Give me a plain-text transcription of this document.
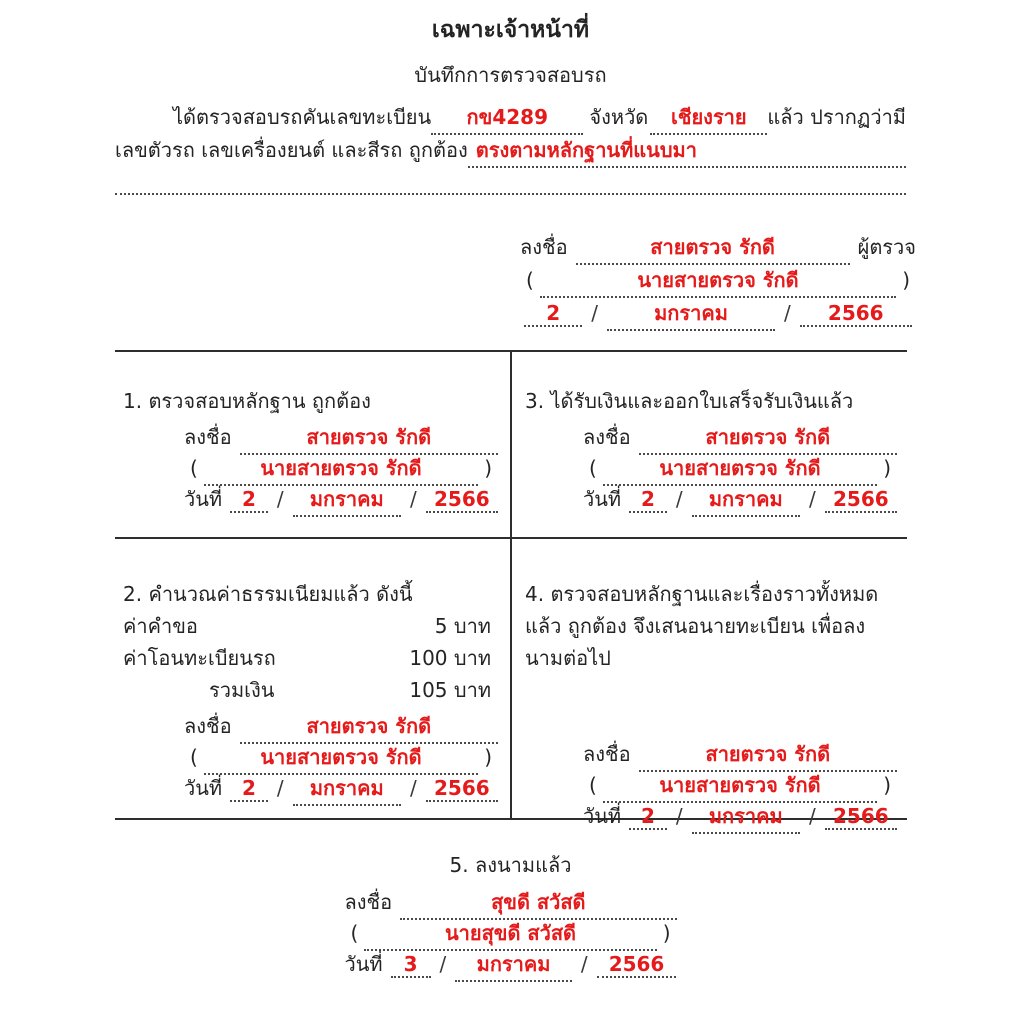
เฉพาะเจ้าหน้าที่
บันทึกการตรวจสอบรถ
ได้ตรวจสอบรถคันเลขทะเบียน	กข4289	จังหวัด	เชียงราย	แล้ว ปรากฏว่ามี
เลขตัวรถ เลขเครื่องยนต์ และสีรถ ถูกต้อง ตรงตามหลักฐานที่แนบมา
ลงชื่อ	สายตรวจ รักดี	ผู้ตรวจ
(	นายสายตรวจ รักดี	)
2	/	มกราคม	/	2566
1. ตรวจสอบหลักฐาน ถูกต้อง
ลงชื่อ	สายตรวจ รักดี
(	นายสายตรวจ รักดี	)
วันที่ 2	/	มกราคม	/ 2566
3. ได้รับเงินและออกใบเสร็จรับเงินแล้ว
ลงชื่อ	สายตรวจ รักดี
(	นายสายตรวจ รักดี	)
วันที่ 2	/	มกราคม	/ 2566
2. คำนวณค่าธรรมเนียมแล้ว ดังนี้
ค่าคำขอ	5 บาท
ค่าโอนทะเบียนรถ	100 บาท
รวมเงิน	105 บาท
ลงชื่อ	สายตรวจ รักดี
(	นายสายตรวจ รักดี	)
วันที่ 2	/	มกราคม	/ 2566
4. ตรวจสอบหลักฐานและเรื่องราวทั้งหมดแล้ว ถูกต้อง จึงเสนอนายทะเบียน เพื่อลงนามต่อไป
ลงชื่อ	สายตรวจ รักดี
(	นายสายตรวจ รักดี	)
วันที่ 2	/	มกราคม	/ 2566
5. ลงนามแล้ว
ลงชื่อ	สุขดี สวัสดี
(	นายสุขดี สวัสดี	)
วันที่	3	/	มกราคม	/	2566
